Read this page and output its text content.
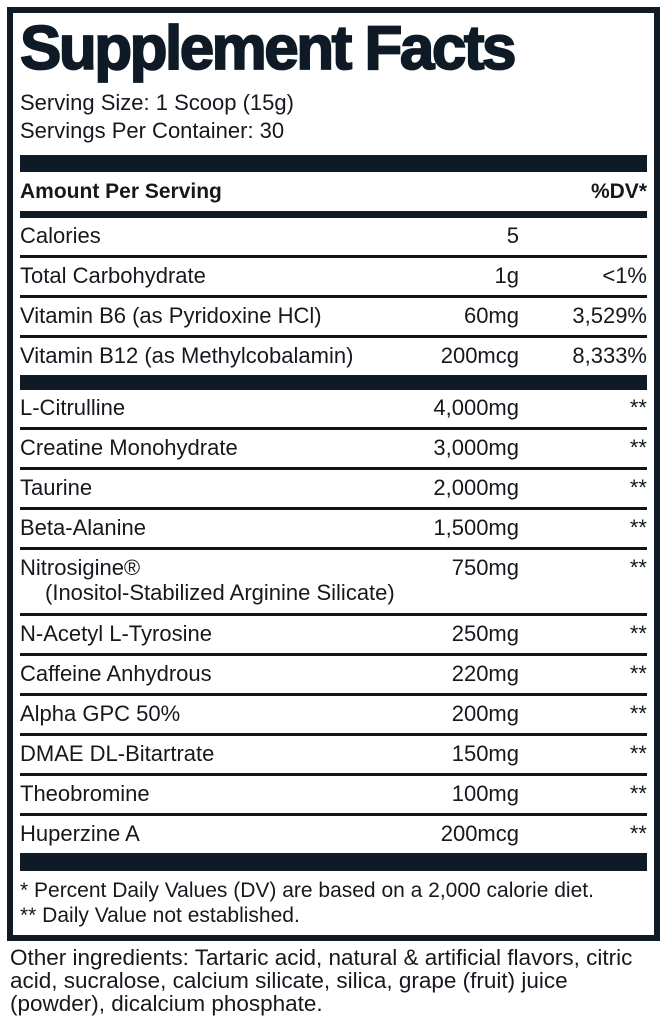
Supplement Facts
Serving Size: 1 Scoop (15g)
Servings Per Container: 30
Amount Per Serving	%DV*
Calories	5
Total Carbohydrate	1g	<1%
Vitamin B6 (as Pyridoxine HCl)	60mg	3,529%
Vitamin B12 (as Methylcobalamin)	200mcg	8,333%
L-Citrulline	4,000mg	**
Creatine Monohydrate	3,000mg	**
Taurine	2,000mg	**
Beta-Alanine	1,500mg	**
Nitrosigine®
(Inositol-Stabilized Arginine Silicate)
750mg	**
N-Acetyl L-Tyrosine	250mg	**
Caffeine Anhydrous	220mg	**
Alpha GPC 50%	200mg	**
DMAE DL-Bitartrate	150mg	**
Theobromine	100mg	**
Huperzine A	200mcg	**
* Percent Daily Values (DV) are based on a 2,000 calorie diet.
** Daily Value not established.

Other ingredients: Tartaric acid, natural & artificial flavors, citric acid, sucralose, calcium silicate, silica, grape (fruit) juice (powder), dicalcium phosphate.
